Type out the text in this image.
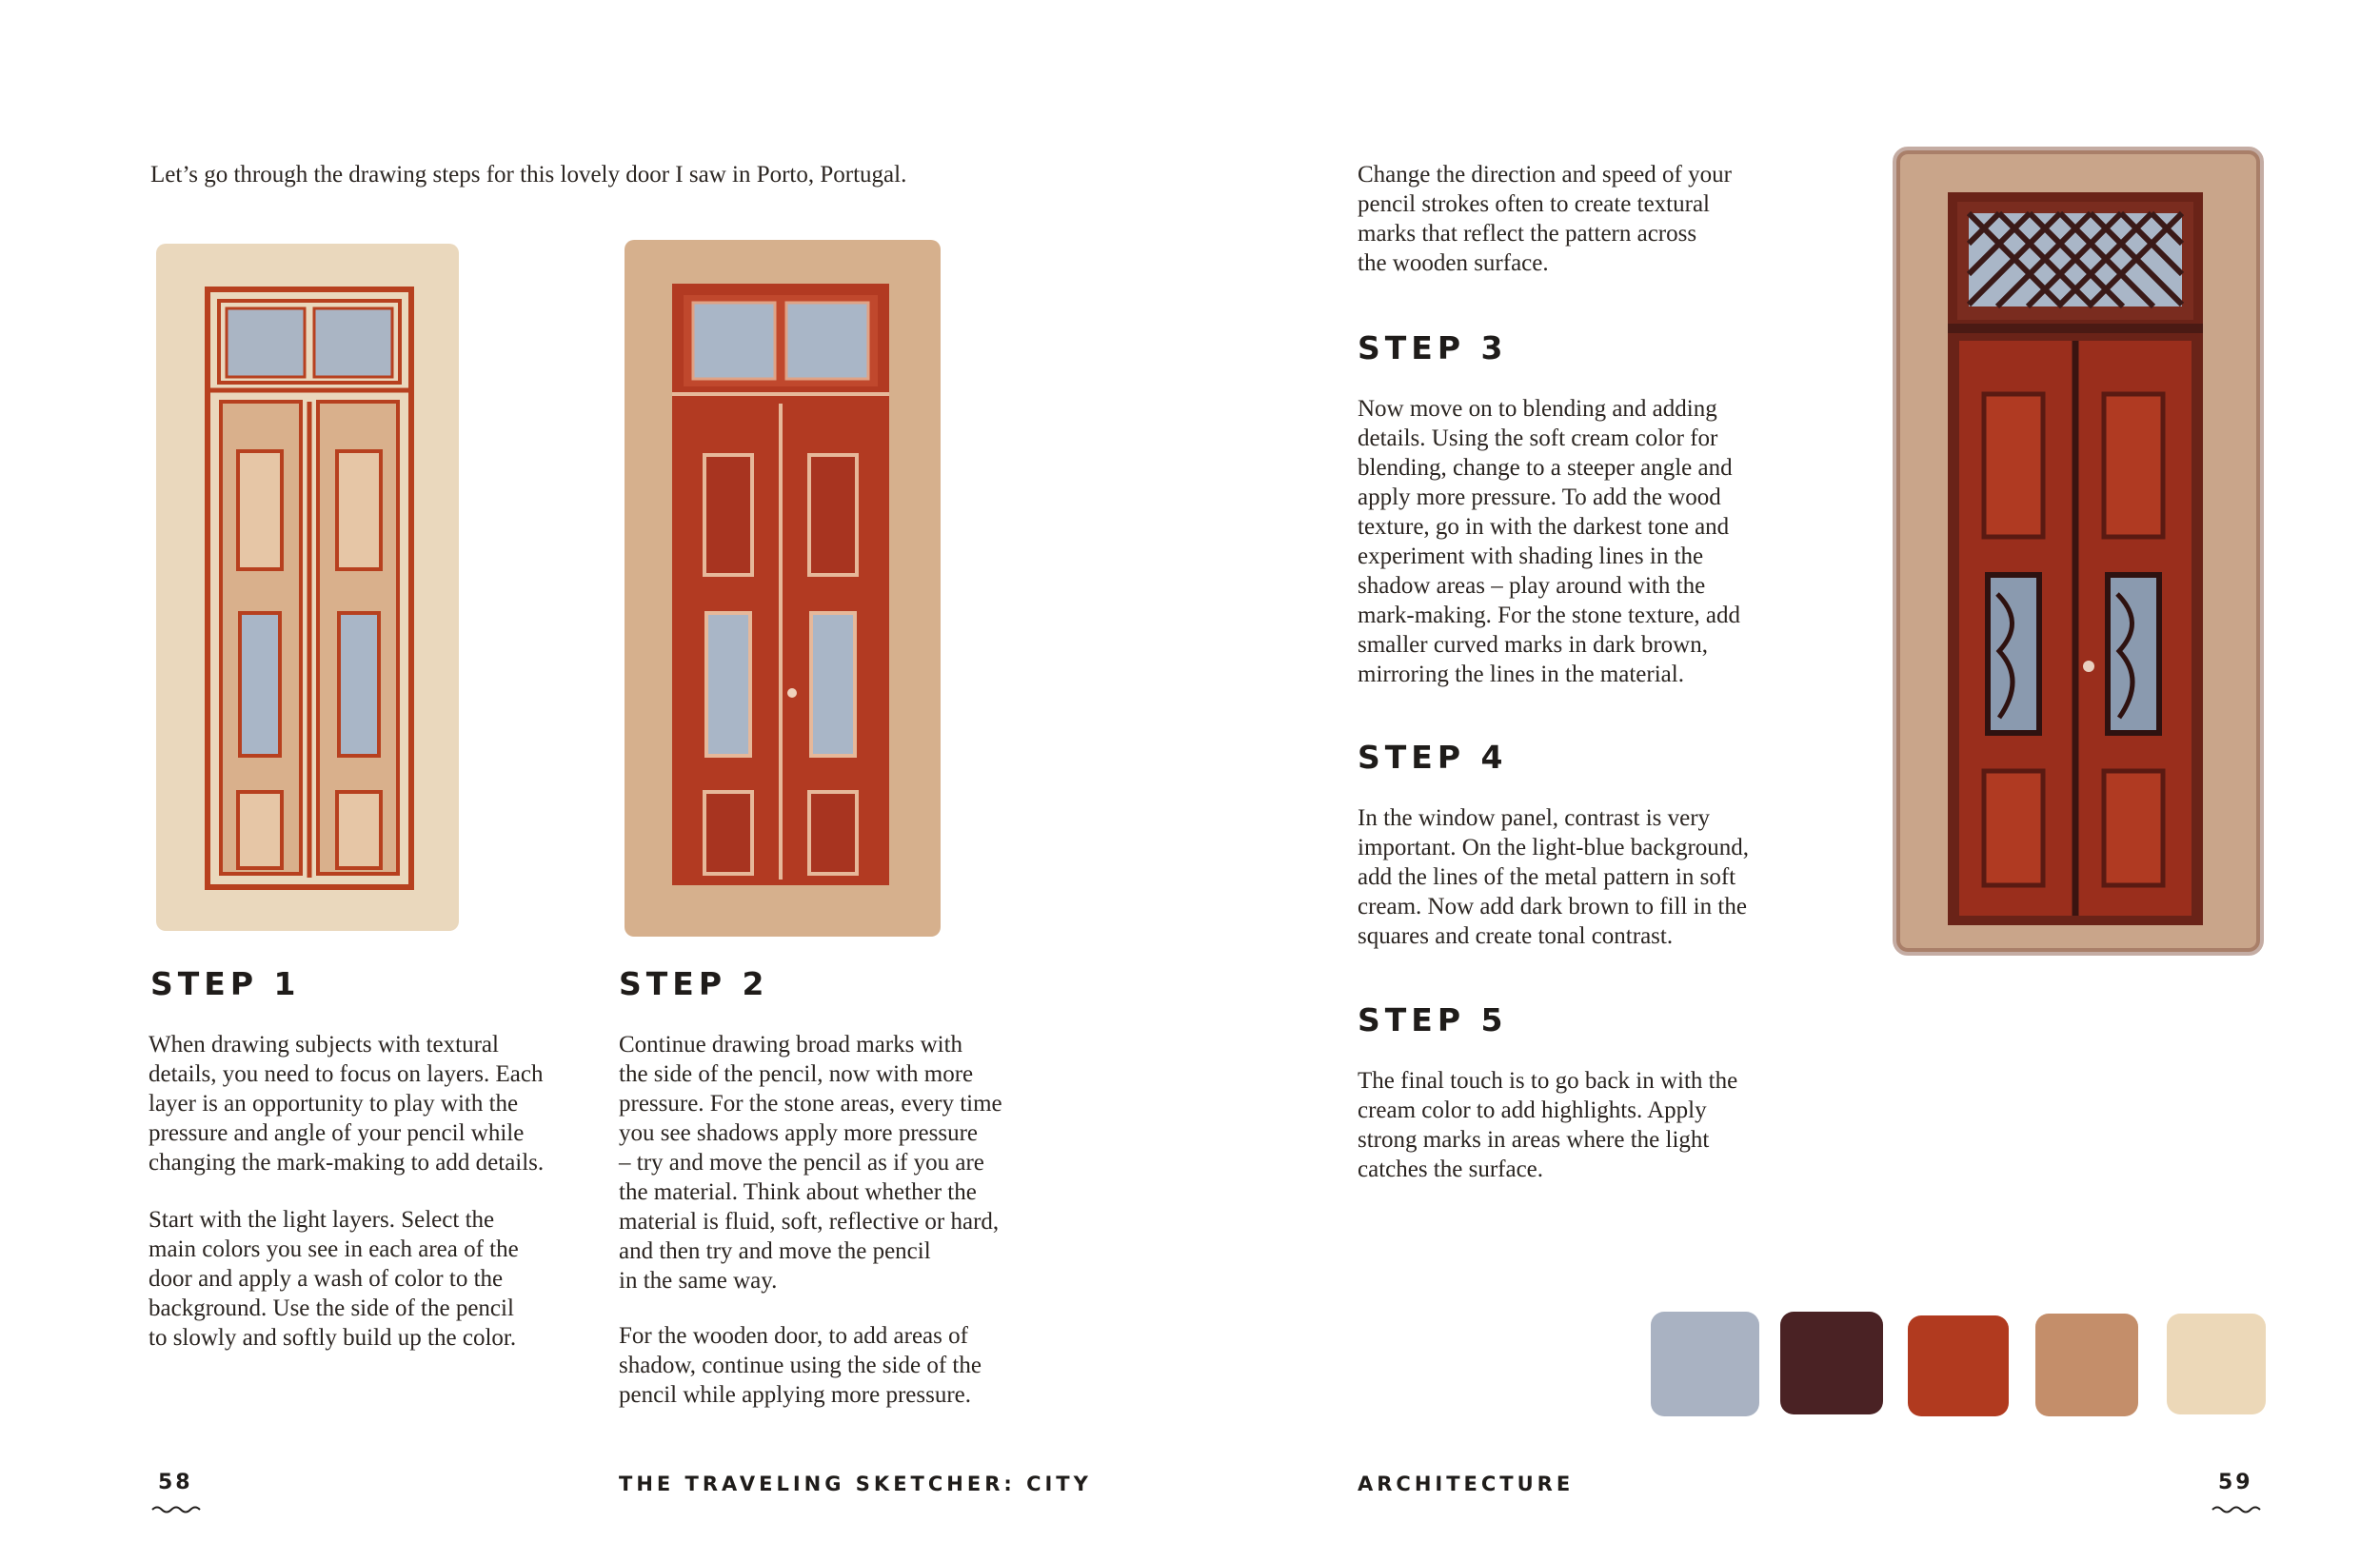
Let’s go through the drawing steps for this lovely door I saw in Porto, Portugal.
STEP 1
When drawing subjects with textural
details, you need to focus on layers. Each
layer is an opportunity to play with the
pressure and angle of your pencil while
changing the mark-making to add details.
Start with the light layers. Select the
main colors you see in each area of the
door and apply a wash of color to the
background. Use the side of the pencil
to slowly and softly build up the color.
STEP 2
Continue drawing broad marks with
the side of the pencil, now with more
pressure. For the stone areas, every time
you see shadows apply more pressure
– try and move the pencil as if you are
the material. Think about whether the
material is fluid, soft, reflective or hard,
and then try and move the pencil
in the same way.
For the wooden door, to add areas of
shadow, continue using the side of the
pencil while applying more pressure.
58	THE TRAVELING SKETCHER: CITY
Change the direction and speed of your
pencil strokes often to create textural
marks that reflect the pattern across
the wooden surface.
STEP 3
Now move on to blending and adding
details. Using the soft cream color for
blending, change to a steeper angle and
apply more pressure. To add the wood
texture, go in with the darkest tone and
experiment with shading lines in the
shadow areas – play around with the
mark-making. For the stone texture, add
smaller curved marks in dark brown,
mirroring the lines in the material.
STEP 4
In the window panel, contrast is very
important. On the light-blue background,
add the lines of the metal pattern in soft
cream. Now add dark brown to fill in the
squares and create tonal contrast.
STEP 5
The final touch is to go back in with the
cream color to add highlights. Apply
strong marks in areas where the light
catches the surface.
ARCHITECTURE	59
